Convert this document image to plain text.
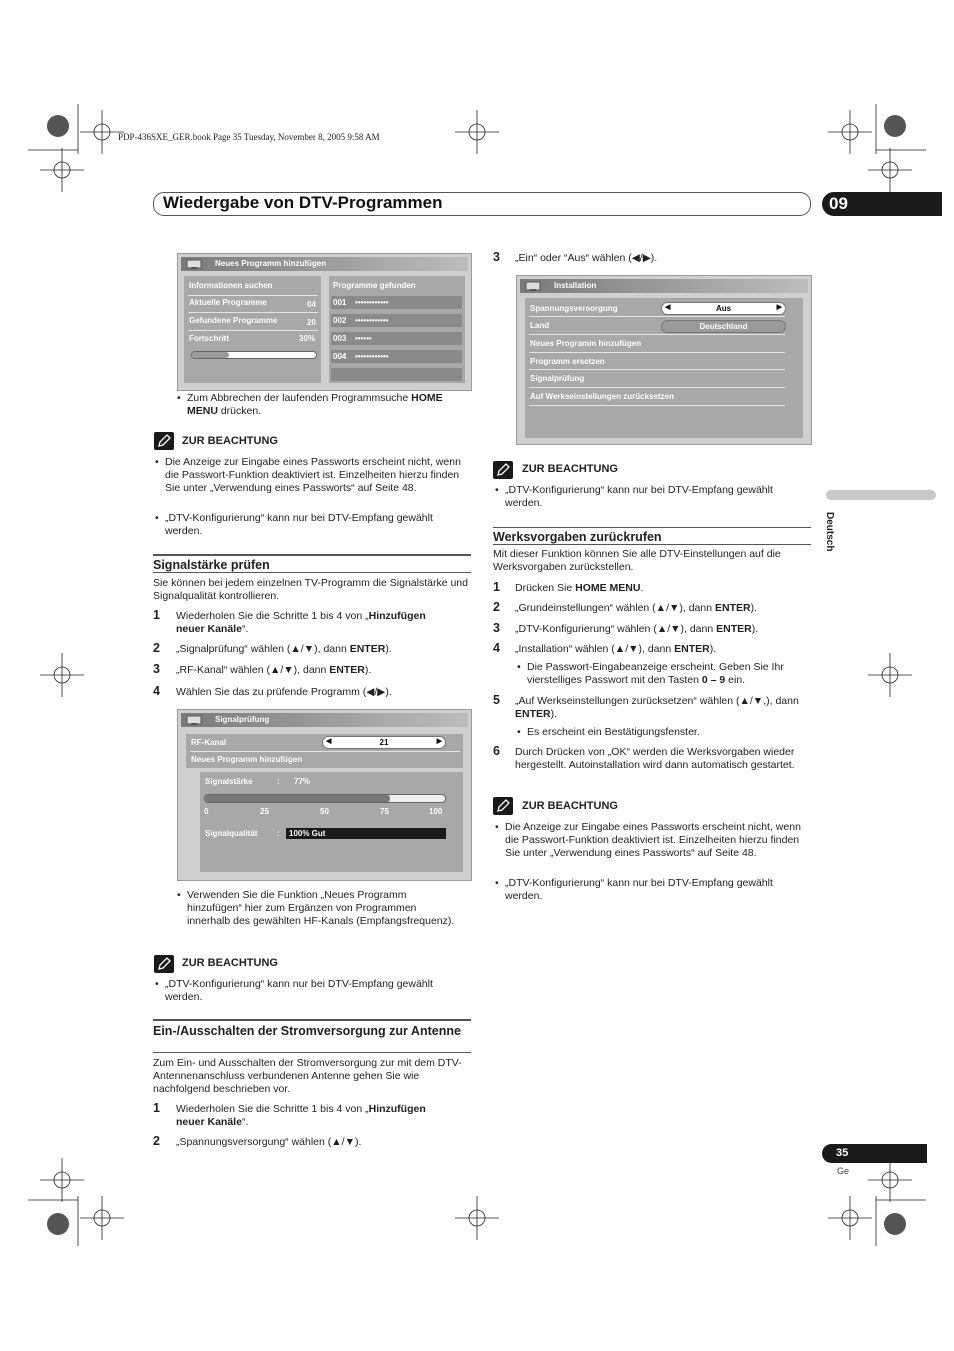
PDP-436SXE_GER.book Page 35 Tuesday, November 8, 2005 9:58 AM
Wiedergabe von DTV-Programmen	09
Deutsch
35
Ge
Neues Programm hinzufügen
Informationen suchen
Aktuelle Programme	04
Gefundene Programme	20
Fortschritt	30%
Programme gefunden
001 ••••••••••••
002 ••••••••••••
003 ••••••
004 ••••••••••••
• Zum Abbrechen der laufenden Programmsuche HOME MENU drücken.
ZUR BEACHTUNG
• Die Anzeige zur Eingabe eines Passworts erscheint nicht, wenn die Passwort-Funktion deaktiviert ist. Einzelheiten hierzu finden Sie unter „Verwendung eines Passworts“ auf Seite 48.
• „DTV-Konfigurierung“ kann nur bei DTV-Empfang gewählt werden.
Signalstärke prüfen
Sie können bei jedem einzelnen TV-Programm die Signalstärke und Signalqualität kontrollieren.
1 Wiederholen Sie die Schritte 1 bis 4 von „Hinzufügen neuer Kanäle“.
2 „Signalprüfung“ wählen (▲/▼), dann ENTER).
3 „RF-Kanal“ wählen (▲/▼), dann ENTER).
4 Wählen Sie das zu prüfende Programm (◀/▶).
Signalprüfung
RF-Kanal	◀	21	▶
Neues Programm hinzufügen
Signalstärke	: 77%
0	25	50	75	100
Signalqualität : 100% Gut
• Verwenden Sie die Funktion „Neues Programm hinzufügen“ hier zum Ergänzen von Programmen innerhalb des gewählten HF-Kanals (Empfangsfrequenz).
ZUR BEACHTUNG
• „DTV-Konfigurierung“ kann nur bei DTV-Empfang gewählt werden.
Ein-/Ausschalten der Stromversorgung zur Antenne
Zum Ein- und Ausschalten der Stromversorgung zur mit dem DTV-Antennenanschluss verbundenen Antenne gehen Sie wie nachfolgend beschrieben vor.
1 Wiederholen Sie die Schritte 1 bis 4 von „Hinzufügen neuer Kanäle“.
2 „Spannungsversorgung“ wählen (▲/▼).
3 „Ein“ oder “Aus“ wählen (◀/▶).
Installation
Spannungsversorgung	◀	Aus	▶
Land	Deutschland
Neues Programm hinzufügen
Programm ersetzen
Signalprüfung
Auf Werkseinstellungen zurücksetzen
ZUR BEACHTUNG
• „DTV-Konfigurierung“ kann nur bei DTV-Empfang gewählt werden.
Werksvorgaben zurückrufen
Mit dieser Funktion können Sie alle DTV-Einstellungen auf die Werksvorgaben zurückstellen.
1 Drücken Sie HOME MENU.
2 „Grundeinstellungen“ wählen (▲/▼), dann ENTER).
3 „DTV-Konfigurierung“ wählen (▲/▼), dann ENTER).
4 „Installation“ wählen (▲/▼), dann ENTER).
• Die Passwort-Eingabeanzeige erscheint. Geben Sie Ihr vierstelliges Passwort mit den Tasten 0 – 9 ein.
5 „Auf Werkseinstellungen zurücksetzen“ wählen (▲/▼,), dann ENTER).
• Es erscheint ein Bestätigungsfenster.
6 Durch Drücken von „OK“ werden die Werksvorgaben wieder hergestellt. Autoinstallation wird dann automatisch gestartet.
ZUR BEACHTUNG
• Die Anzeige zur Eingabe eines Passworts erscheint nicht, wenn die Passwort-Funktion deaktiviert ist. Einzelheiten hierzu finden Sie unter „Verwendung eines Passworts“ auf Seite 48.
• „DTV-Konfigurierung“ kann nur bei DTV-Empfang gewählt werden.
